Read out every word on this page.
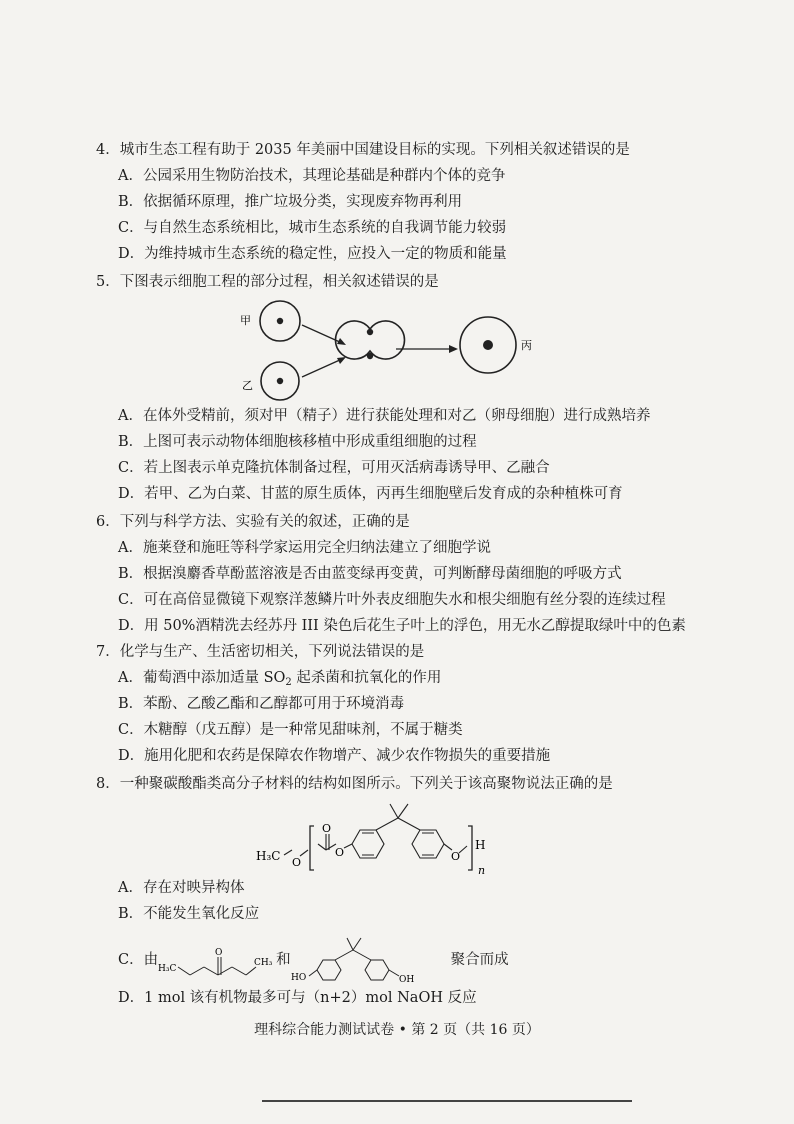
4．城市生态工程有助于 2035 年美丽中国建设目标的实现。下列相关叙述错误的是
A．公园采用生物防治技术，其理论基础是种群内个体的竞争
B．依据循环原理，推广垃圾分类，实现废弃物再利用
C．与自然生态系统相比，城市生态系统的自我调节能力较弱
D．为维持城市生态系统的稳定性，应投入一定的物质和能量
5．下图表示细胞工程的部分过程，相关叙述错误的是
甲
乙
丙
A．在体外受精前，须对甲（精子）进行获能处理和对乙（卵母细胞）进行成熟培养
B．上图可表示动物体细胞核移植中形成重组细胞的过程
C．若上图表示单克隆抗体制备过程，可用灭活病毒诱导甲、乙融合
D．若甲、乙为白菜、甘蓝的原生质体，丙再生细胞壁后发育成的杂种植株可育
6．下列与科学方法、实验有关的叙述，正确的是
A．施莱登和施旺等科学家运用完全归纳法建立了细胞学说
B．根据溴麝香草酚蓝溶液是否由蓝变绿再变黄，可判断酵母菌细胞的呼吸方式
C．可在高倍显微镜下观察洋葱鳞片叶外表皮细胞失水和根尖细胞有丝分裂的连续过程
D．用 50%酒精洗去经苏丹 III 染色后花生子叶上的浮色，用无水乙醇提取绿叶中的色素
7．化学与生产、生活密切相关，下列说法错误的是
A．葡萄酒中添加适量 $SO_2$ 起杀菌和抗氧化的作用
B．苯酚、乙酸乙酯和乙醇都可用于环境消毒
C．木糖醇（戊五醇）是一种常见甜味剂，不属于糖类
D．施用化肥和农药是保障农作物增产、减少农作物损失的重要措施
8．一种聚碳酸酯类高分子材料的结构如图所示。下列关于该高聚物说法正确的是
H₃C O
O
O	O
H
n
A．存在对映异构体
B．不能发生氧化反应
C．由
H₃C
O
CH₃ 和
HO	OH
聚合而成
D．1 mol 该有机物最多可与（n+2）mol NaOH 反应
理科综合能力测试试卷 • 第 2 页（共 16 页）
